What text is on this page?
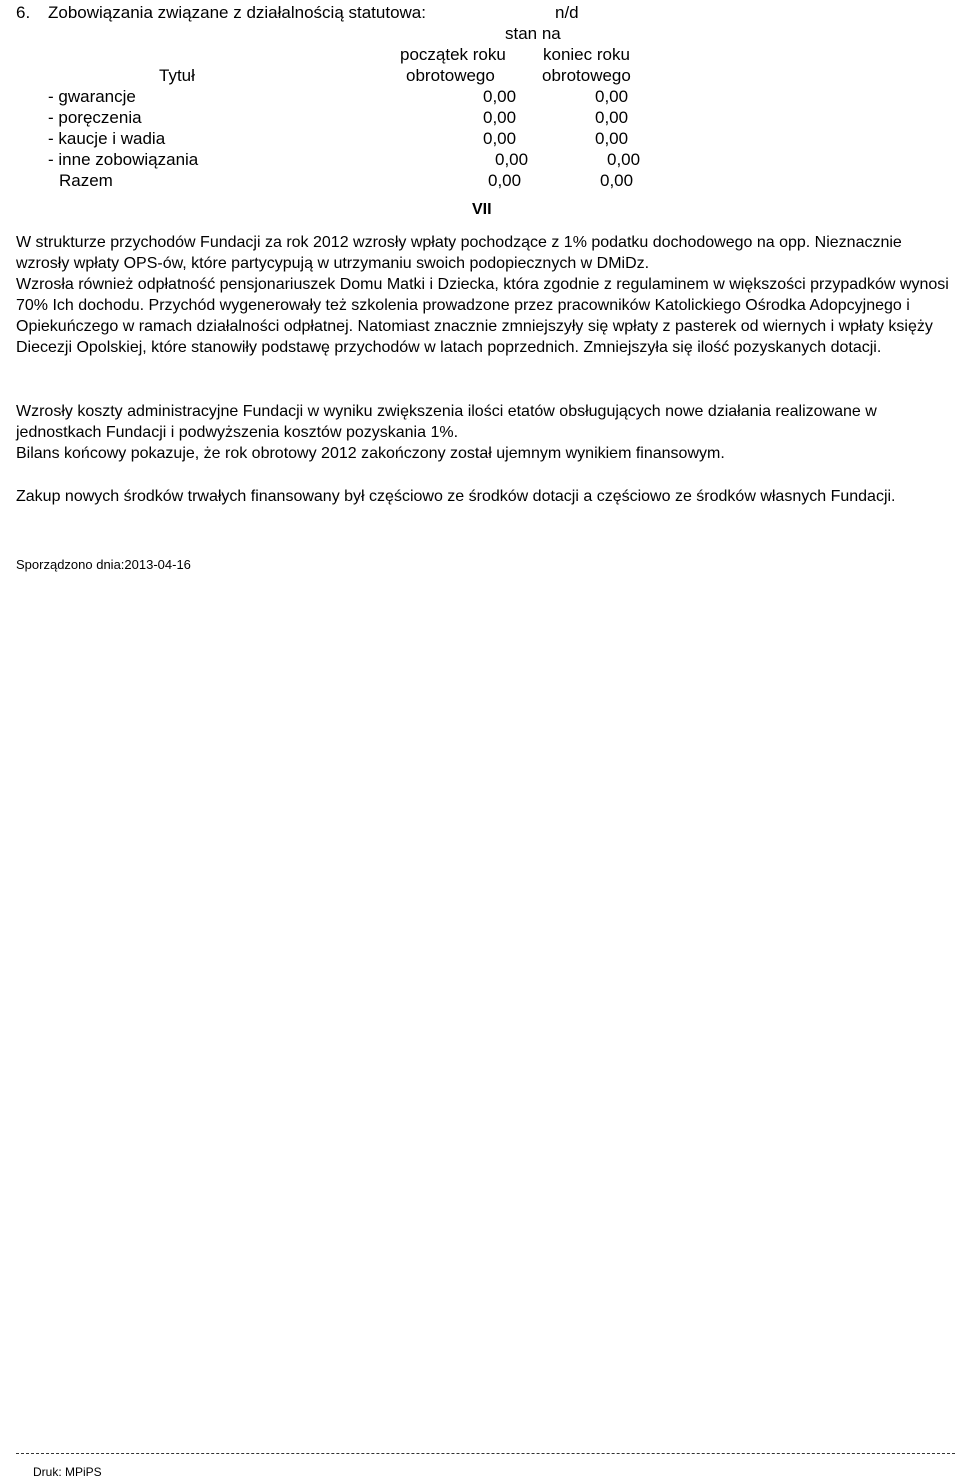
6. Zobowiązania związane z działalnością statutowa:	n/d
stan na
początek roku koniec roku
Tytuł	obrotowego	obrotowego
- gwarancje	0,00	0,00
- poręczenia	0,00	0,00
- kaucje i wadia	0,00	0,00
- inne zobowiązania	0,00	0,00
Razem	0,00	0,00
VII
W strukturze przychodów Fundacji za rok 2012 wzrosły wpłaty pochodzące z 1% podatku dochodowego na opp. Nieznacznie wzrosły wpłaty OPS-ów, które partycypują w utrzymaniu swoich podopiecznych w DMiDz.
Wzrosła również odpłatność pensjonariuszek Domu Matki i Dziecka, która zgodnie z regulaminem w większości przypadków wynosi 70% Ich dochodu. Przychód wygenerowały też szkolenia prowadzone przez pracowników Katolickiego Ośrodka Adopcyjnego i Opiekuńczego w ramach działalności odpłatnej. Natomiast znacznie zmniejszyły się wpłaty z pasterek od wiernych i wpłaty księży Diecezji Opolskiej, które stanowiły podstawę przychodów w latach poprzednich. Zmniejszyła się ilość pozyskanych dotacji.
Wzrosły koszty administracyjne Fundacji w wyniku zwiększenia ilości etatów obsługujących nowe działania realizowane w jednostkach Fundacji i podwyższenia kosztów pozyskania 1%.
Bilans końcowy pokazuje, że rok obrotowy 2012 zakończony został ujemnym wynikiem finansowym.
Zakup nowych środków trwałych finansowany był częściowo ze środków dotacji a częściowo ze środków własnych Fundacji.
Sporządzono dnia:2013-04-16
Druk: MPiPS
